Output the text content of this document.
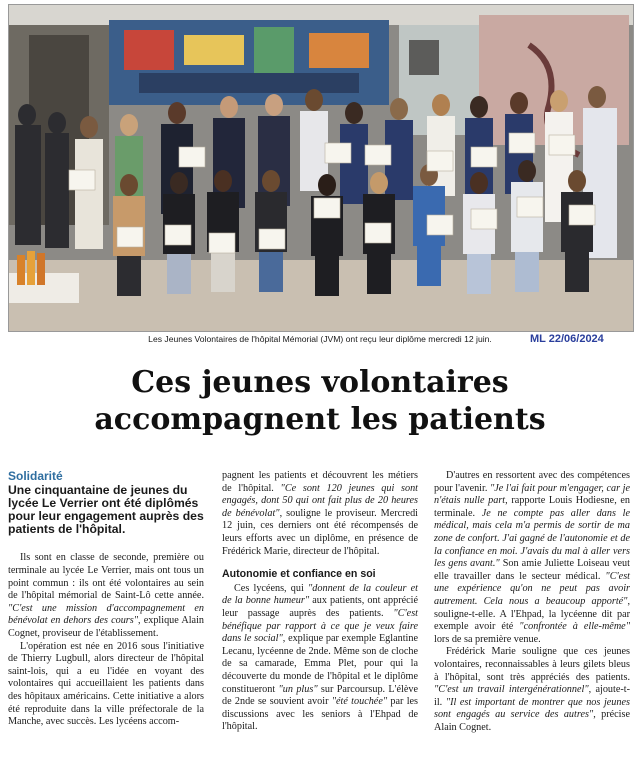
Les Jeunes Volontaires de l'hôpital Mémorial (JVM) ont reçu leur diplôme mercredi 12 juin.	ML 22/06/2024
Ces jeunes volontaires
accompagnent les patients
Solidarité
Une cinquantaine de jeunes du lycée Le Verrier ont été diplômés pour leur engagement auprès des patients de l'hôpital.

Ils sont en classe de seconde, première ou terminale au lycée Le Verrier, mais ont tous un point commun : ils ont été volontaires au sein de l'hôpital mémorial de Saint-Lô cette année. "C'est une mission d'accompagnement en bénévolat en dehors des cours", explique Alain Cognet, proviseur de l'établissement.

L'opération est née en 2016 sous l'initiative de Thierry Lugbull, alors directeur de l'hôpital saint-lois, qui a eu l'idée en voyant des volontaires qui accueillaient les patients dans des hôpitaux américains. Cette initiative a alors été reproduite dans la ville préfectorale de la Manche, avec succès. Les lycéens accom-

pagnent les patients et découvrent les métiers de l'hôpital. "Ce sont 120 jeunes qui sont engagés, dont 50 qui ont fait plus de 20 heures de bénévolat", souligne le proviseur. Mercredi 12 juin, ces derniers ont été récompensés de leurs efforts avec un diplôme, en présence de Frédérick Marie, directeur de l'hôpital.

Autonomie et confiance en soi

Ces lycéens, qui "donnent de la couleur et de la bonne humeur" aux patients, ont apprécié leur passage auprès des patients. "C'est bénéfique par rapport à ce que je veux faire dans le social", explique par exemple Eglantine Lecanu, lycéenne de 2nde. Même son de cloche de sa camarade, Emma Plet, pour qui la découverte du monde de l'hôpital et le diplôme constitueront "un plus" sur Parcoursup. L'élève de 2nde se souvient avoir "été touchée" par les discussions avec les seniors à l'Ehpad de l'hôpital.

D'autres en ressortent avec des compétences pour l'avenir. "Je l'ai fait pour m'engager, car je n'étais nulle part, rapporte Louis Hodiesne, en terminale. Je ne compte pas aller dans le médical, mais cela m'a permis de sortir de ma zone de confort. J'ai gagné de l'autonomie et de la confiance en moi. J'avais du mal à aller vers les gens avant." Son amie Juliette Loiseau veut elle travailler dans le secteur médical. "C'est une expérience qu'on ne peut pas avoir autrement. Cela nous a beaucoup apporté", souligne-t-elle. A l'Ehpad, la lycéenne dit par exemple avoir été "confrontée à elle-même" lors de sa première venue.

Frédérick Marie souligne que ces jeunes volontaires, reconnaissables à leurs gilets bleus à l'hôpital, sont très appréciés des patients. "C'est un travail intergénérationnel", ajoute-t-il. "Il est important de montrer que nos jeunes sont engagés au service des autres", précise Alain Cognet.
